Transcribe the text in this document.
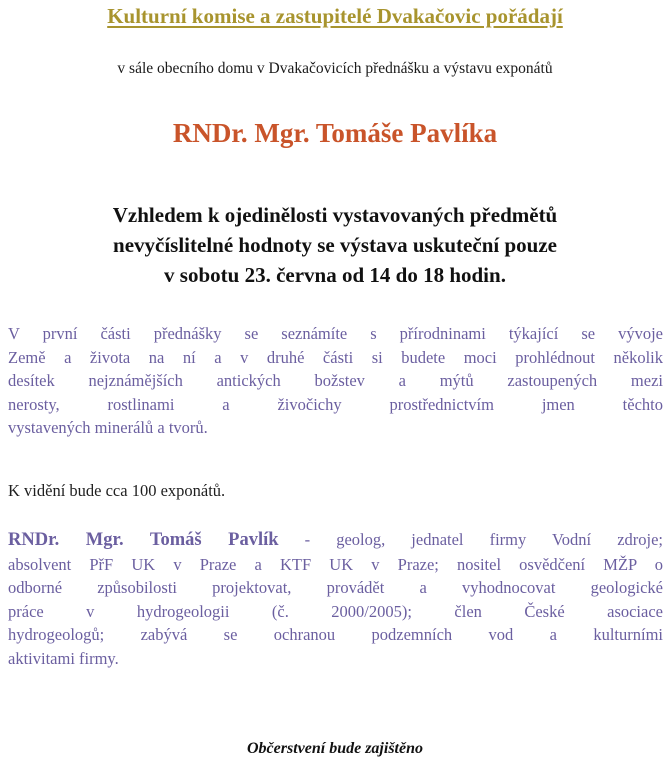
Kulturní komise a zastupitelé Dvakačovic pořádají
v sále obecního domu v Dvakačovicích přednášku a výstavu exponátů
RNDr. Mgr. Tomáše Pavlíka
Vzhledem k ojedinělosti vystavovaných předmětů
nevyčíslitelné hodnoty se výstava uskuteční pouze
v sobotu 23. června od 14 do 18 hodin.
V první části přednášky se seznámíte s přírodninami týkající se vývoje
Země a života na ní a v druhé části si budete moci prohlédnout několik
desítek nejznámějších antických božstev a mýtů zastoupených mezi
nerosty, rostlinami a živočichy prostřednictvím jmen těchto
vystavených minerálů a tvorů.
K vidění bude cca 100 exponátů.
RNDr. Mgr. Tomáš Pavlík - geolog, jednatel firmy Vodní zdroje;
absolvent PřF UK v Praze a KTF UK v Praze; nositel osvědčení MŽP o
odborné způsobilosti projektovat, provádět a vyhodnocovat geologické
práce v hydrogeologii (č. 2000/2005); člen České asociace
hydrogeologů; zabývá se ochranou podzemních vod a kulturními
aktivitami firmy.
Občerstvení bude zajištěno
